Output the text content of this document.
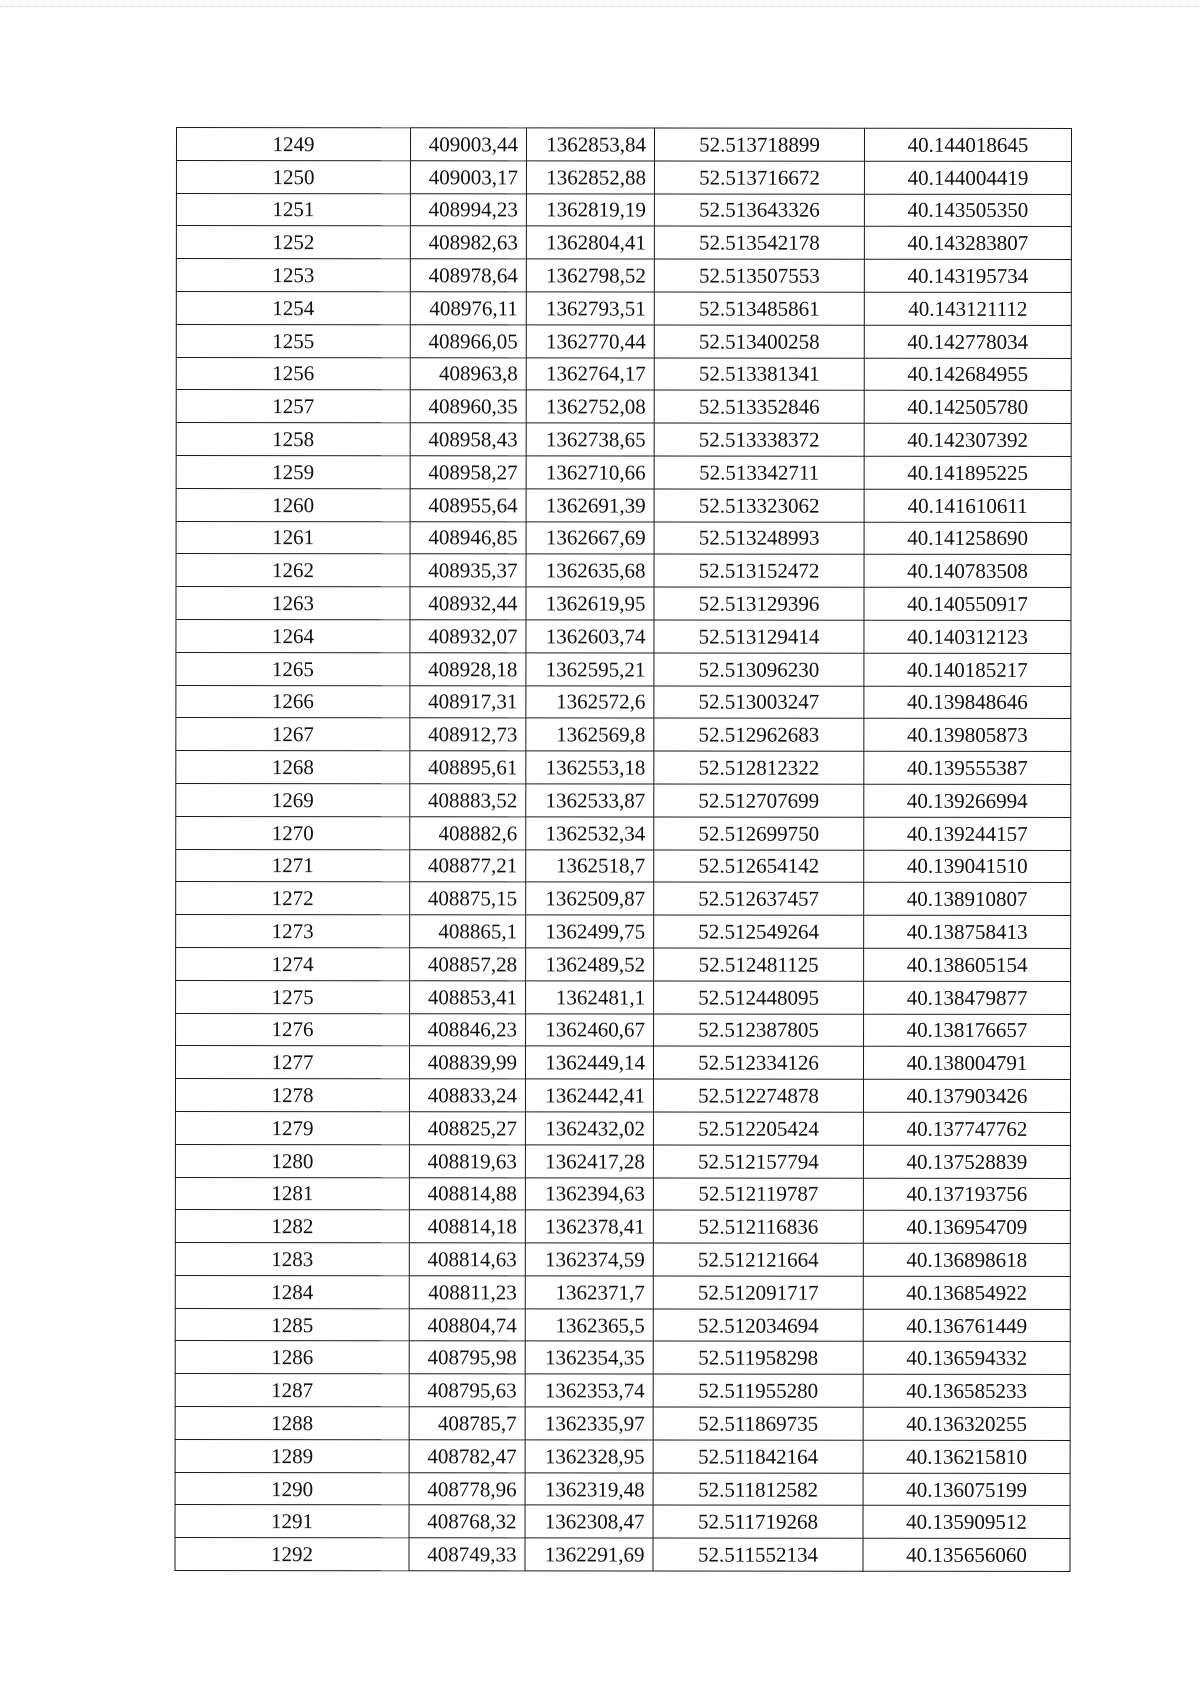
1249	409003,44	1362853,84	52.513718899	40.144018645
1250	409003,17	1362852,88	52.513716672	40.144004419
1251	408994,23	1362819,19	52.513643326	40.143505350
1252	408982,63	1362804,41	52.513542178	40.143283807
1253	408978,64	1362798,52	52.513507553	40.143195734
1254	408976,11	1362793,51	52.513485861	40.143121112
1255	408966,05	1362770,44	52.513400258	40.142778034
1256	408963,8	1362764,17	52.513381341	40.142684955
1257	408960,35	1362752,08	52.513352846	40.142505780
1258	408958,43	1362738,65	52.513338372	40.142307392
1259	408958,27	1362710,66	52.513342711	40.141895225
1260	408955,64	1362691,39	52.513323062	40.141610611
1261	408946,85	1362667,69	52.513248993	40.141258690
1262	408935,37	1362635,68	52.513152472	40.140783508
1263	408932,44	1362619,95	52.513129396	40.140550917
1264	408932,07	1362603,74	52.513129414	40.140312123
1265	408928,18	1362595,21	52.513096230	40.140185217
1266	408917,31	1362572,6	52.513003247	40.139848646
1267	408912,73	1362569,8	52.512962683	40.139805873
1268	408895,61	1362553,18	52.512812322	40.139555387
1269	408883,52	1362533,87	52.512707699	40.139266994
1270	408882,6	1362532,34	52.512699750	40.139244157
1271	408877,21	1362518,7	52.512654142	40.139041510
1272	408875,15	1362509,87	52.512637457	40.138910807
1273	408865,1	1362499,75	52.512549264	40.138758413
1274	408857,28	1362489,52	52.512481125	40.138605154
1275	408853,41	1362481,1	52.512448095	40.138479877
1276	408846,23	1362460,67	52.512387805	40.138176657
1277	408839,99	1362449,14	52.512334126	40.138004791
1278	408833,24	1362442,41	52.512274878	40.137903426
1279	408825,27	1362432,02	52.512205424	40.137747762
1280	408819,63	1362417,28	52.512157794	40.137528839
1281	408814,88	1362394,63	52.512119787	40.137193756
1282	408814,18	1362378,41	52.512116836	40.136954709
1283	408814,63	1362374,59	52.512121664	40.136898618
1284	408811,23	1362371,7	52.512091717	40.136854922
1285	408804,74	1362365,5	52.512034694	40.136761449
1286	408795,98	1362354,35	52.511958298	40.136594332
1287	408795,63	1362353,74	52.511955280	40.136585233
1288	408785,7	1362335,97	52.511869735	40.136320255
1289	408782,47	1362328,95	52.511842164	40.136215810
1290	408778,96	1362319,48	52.511812582	40.136075199
1291	408768,32	1362308,47	52.511719268	40.135909512
1292	408749,33	1362291,69	52.511552134	40.135656060
